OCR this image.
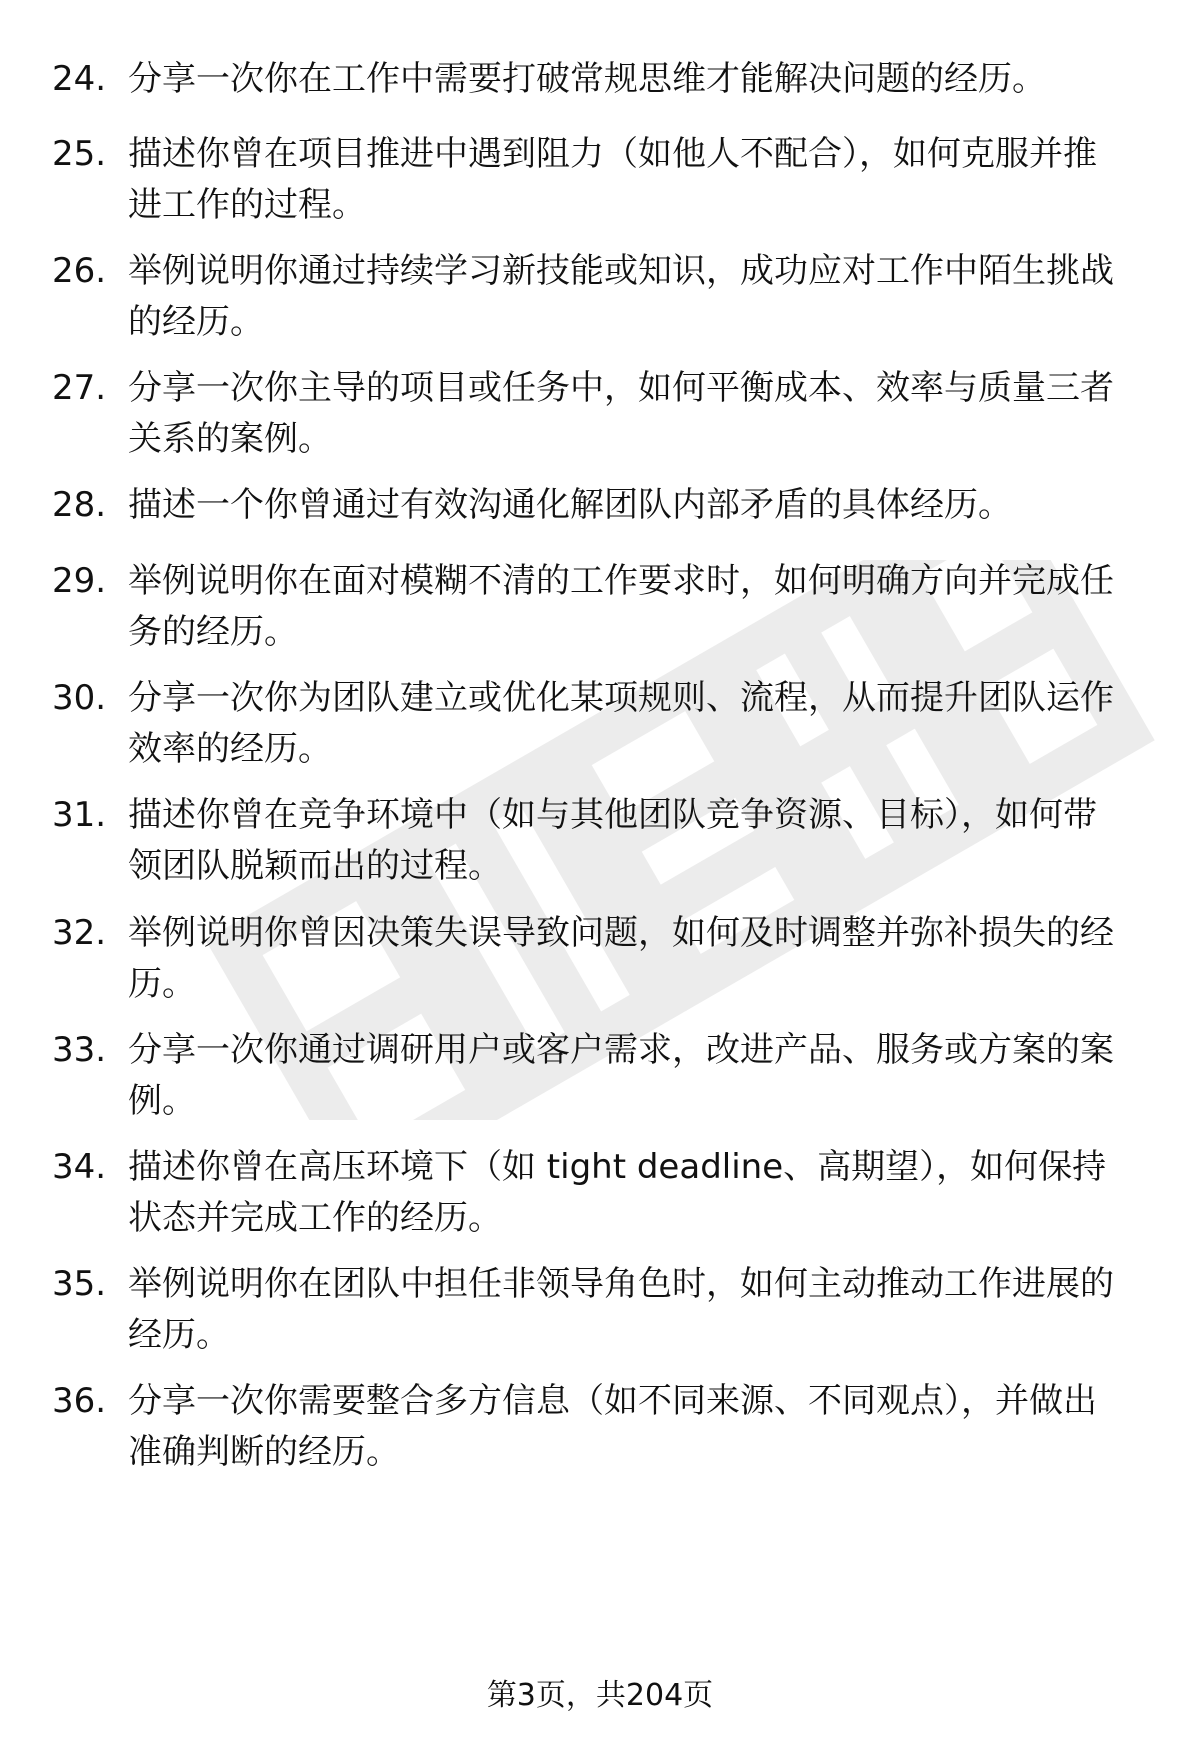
24. 分享一次你在工作中需要打破常规思维才能解决问题的经历。
25. 描述你曾在项目推进中遇到阻力（如他人不配合），如何克服并推进工作的过程。
26. 举例说明你通过持续学习新技能或知识，成功应对工作中陌生挑战的经历。
27. 分享一次你主导的项目或任务中，如何平衡成本、效率与质量三者关系的案例。
28. 描述一个你曾通过有效沟通化解团队内部矛盾的具体经历。
29. 举例说明你在面对模糊不清的工作要求时，如何明确方向并完成任务的经历。
30. 分享一次你为团队建立或优化某项规则、流程，从而提升团队运作效率的经历。
31. 描述你曾在竞争环境中（如与其他团队竞争资源、目标），如何带领团队脱颖而出的过程。
32. 举例说明你曾因决策失误导致问题，如何及时调整并弥补损失的经历。
33. 分享一次你通过调研用户或客户需求，改进产品、服务或方案的案例。
34. 描述你曾在高压环境下（如 tight deadline、高期望），如何保持状态并完成工作的经历。
35. 举例说明你在团队中担任非领导角色时，如何主动推动工作进展的经历。
36. 分享一次你需要整合多方信息（如不同来源、不同观点），并做出准确判断的经历。
第3页，共204页
